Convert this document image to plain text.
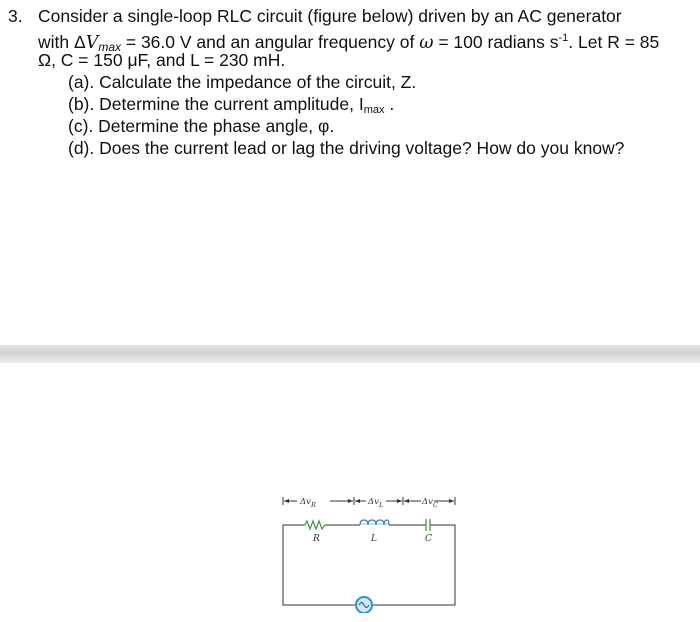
3. Consider a single-loop RLC circuit (figure below) driven by an AC generator
with $\Delta V_{max} = 36.0$ V and an angular frequency of ω = 100 radians $s^{-1}$. Let R = 85
Ω, C = 150 μF, and L = 230 mH.
(a). Calculate the impedance of the circuit, Z.
(b). Determine the current amplitude, Imax .
(c). Determine the phase angle, φ.
(d). Does the current lead or lag the driving voltage? How do you know?
$\Delta v_R$	$\Delta v_L$	$\Delta v_C$
R	L	C
